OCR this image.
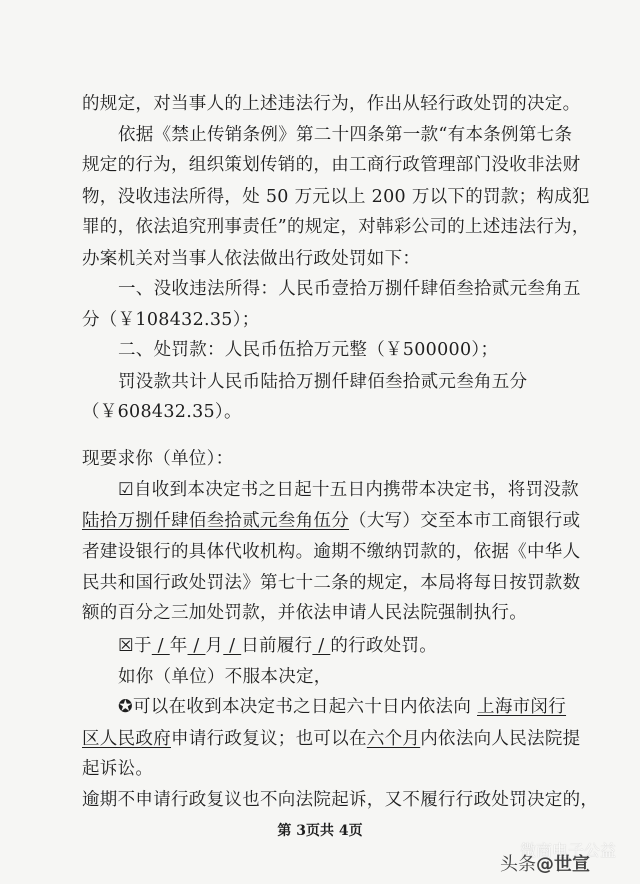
的规定，对当事人的上述违法行为，作出从轻行政处罚的决定。
依据《禁止传销条例》第二十四条第一款“有本条例第七条
规定的行为，组织策划传销的，由工商行政管理部门没收非法财
物，没收违法所得，处 50 万元以上 200 万以下的罚款；构成犯
罪的，依法追究刑事责任”的规定，对韩彩公司的上述违法行为，
办案机关对当事人依法做出行政处罚如下：
一、没收违法所得：人民币壹拾万捌仟肆佰叁拾贰元叁角五
分（￥108432.35）；
二、处罚款：人民币伍拾万元整（￥500000）；
罚没款共计人民币陆拾万捌仟肆佰叁拾贰元叁角五分
（￥608432.35）。
现要求你（单位）：
☑自收到本决定书之日起十五日内携带本决定书，将罚没款
陆拾万捌仟肆佰叁拾贰元叁角伍分（大写）交至本市工商银行或
者建设银行的具体代收机构。逾期不缴纳罚款的，依据《中华人
民共和国行政处罚法》第七十二条的规定，本局将每日按罚款数
额的百分之三加处罚款，并依法申请人民法院强制执行。
☒于 / 年 / 月 / 日前履行 / 的行政处罚。
如你（单位）不服本决定，
✪可以在收到本决定书之日起六十日内依法向 上海市闵行
区人民政府申请行政复议；也可以在六个月内依法向人民法院提
起诉讼。
逾期不申请行政复议也不向法院起诉，又不履行行政处罚决定的，
第 3页共 4页
微商电子公益
头条@世宣
